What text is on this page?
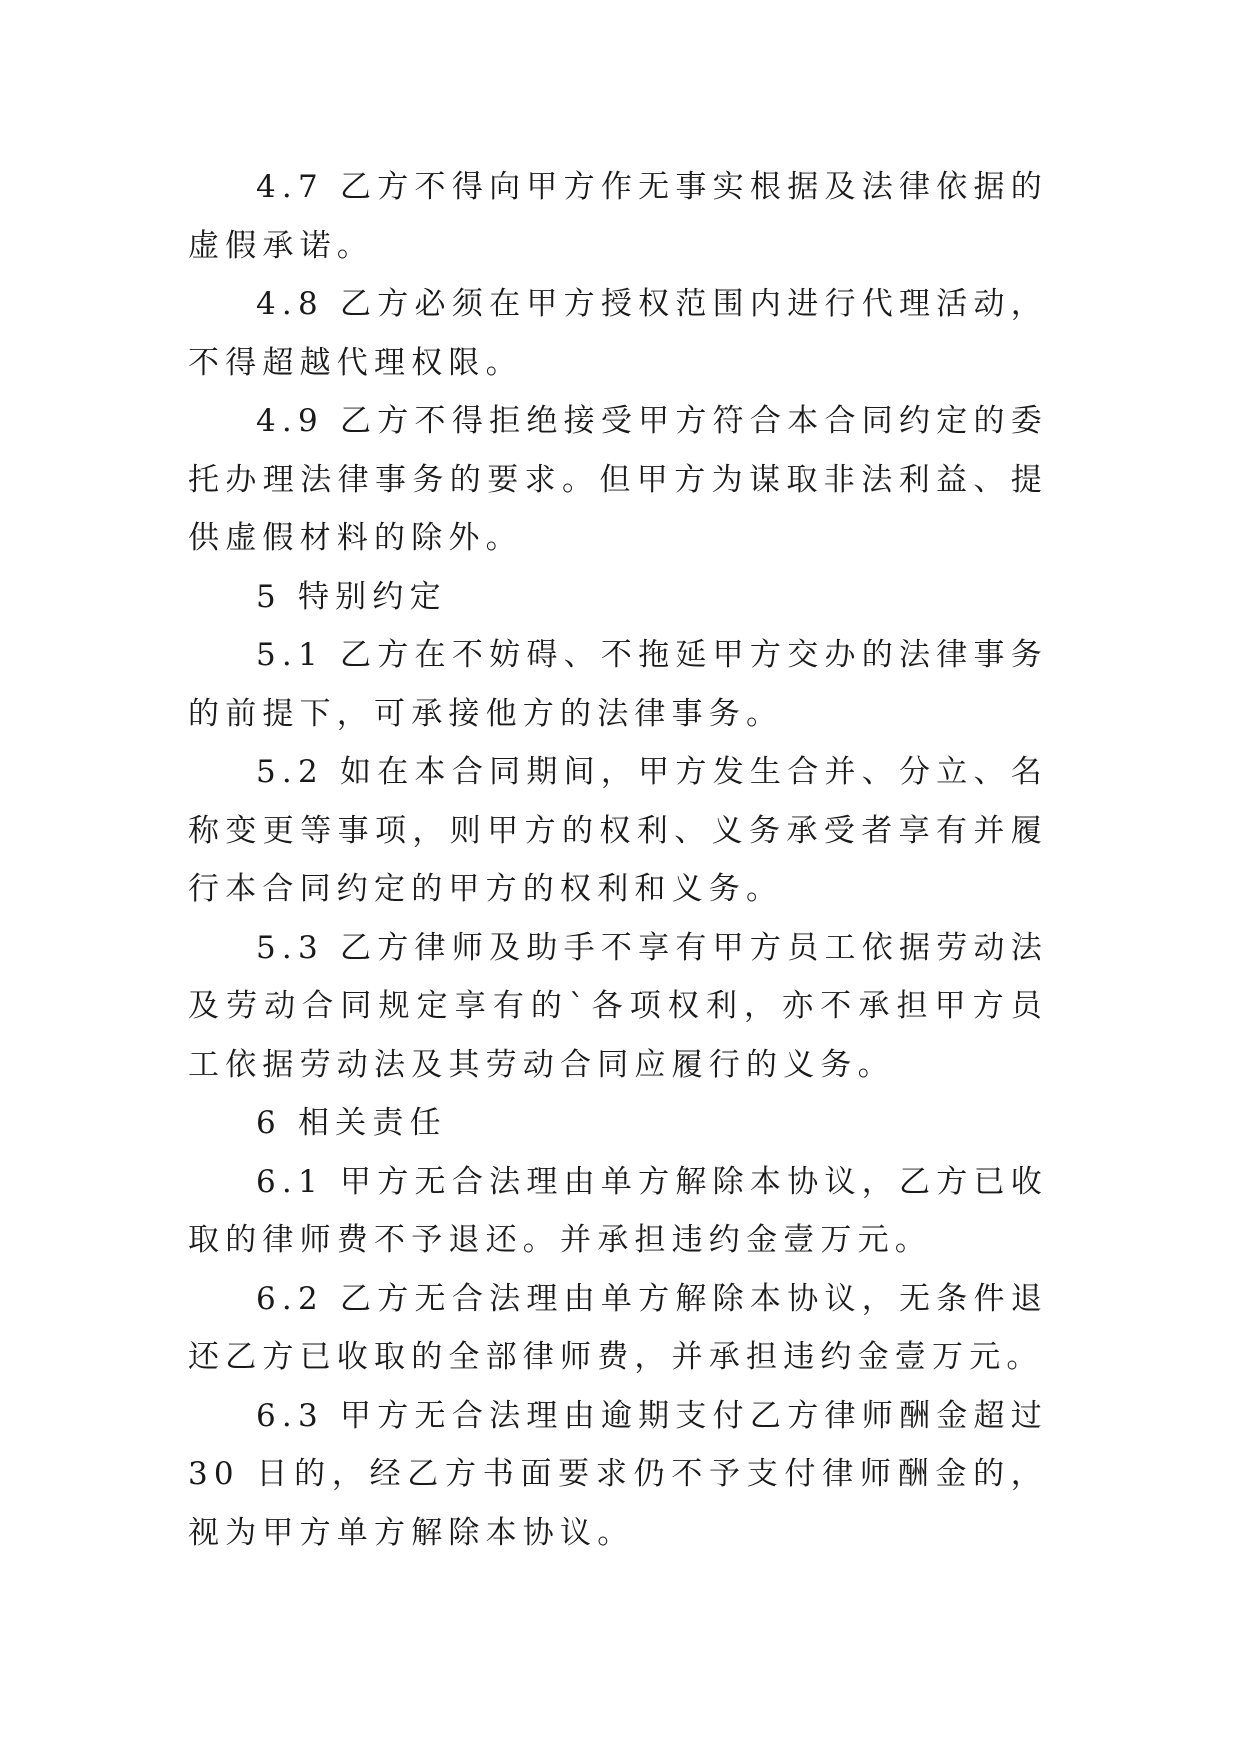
4.7 乙方不得向甲方作无事实根据及法律依据的虚假承诺。

4.8 乙方必须在甲方授权范围内进行代理活动，不得超越代理权限。

4.9 乙方不得拒绝接受甲方符合本合同约定的委托办理法律事务的要求。但甲方为谋取非法利益、提供虚假材料的除外。

5 特别约定

5.1 乙方在不妨碍、不拖延甲方交办的法律事务的前提下，可承接他方的法律事务。

5.2 如在本合同期间，甲方发生合并、分立、名称变更等事项，则甲方的权利、义务承受者享有并履行本合同约定的甲方的权利和义务。

5.3 乙方律师及助手不享有甲方员工依据劳动法及劳动合同规定享有的`各项权利，亦不承担甲方员工依据劳动法及其劳动合同应履行的义务。

6 相关责任

6.1 甲方无合法理由单方解除本协议，乙方已收取的律师费不予退还。并承担违约金壹万元。

6.2 乙方无合法理由单方解除本协议，无条件退还乙方已收取的全部律师费，并承担违约金壹万元。

6.3 甲方无合法理由逾期支付乙方律师酬金超过 30 日的，经乙方书面要求仍不予支付律师酬金的，视为甲方单方解除本协议。
